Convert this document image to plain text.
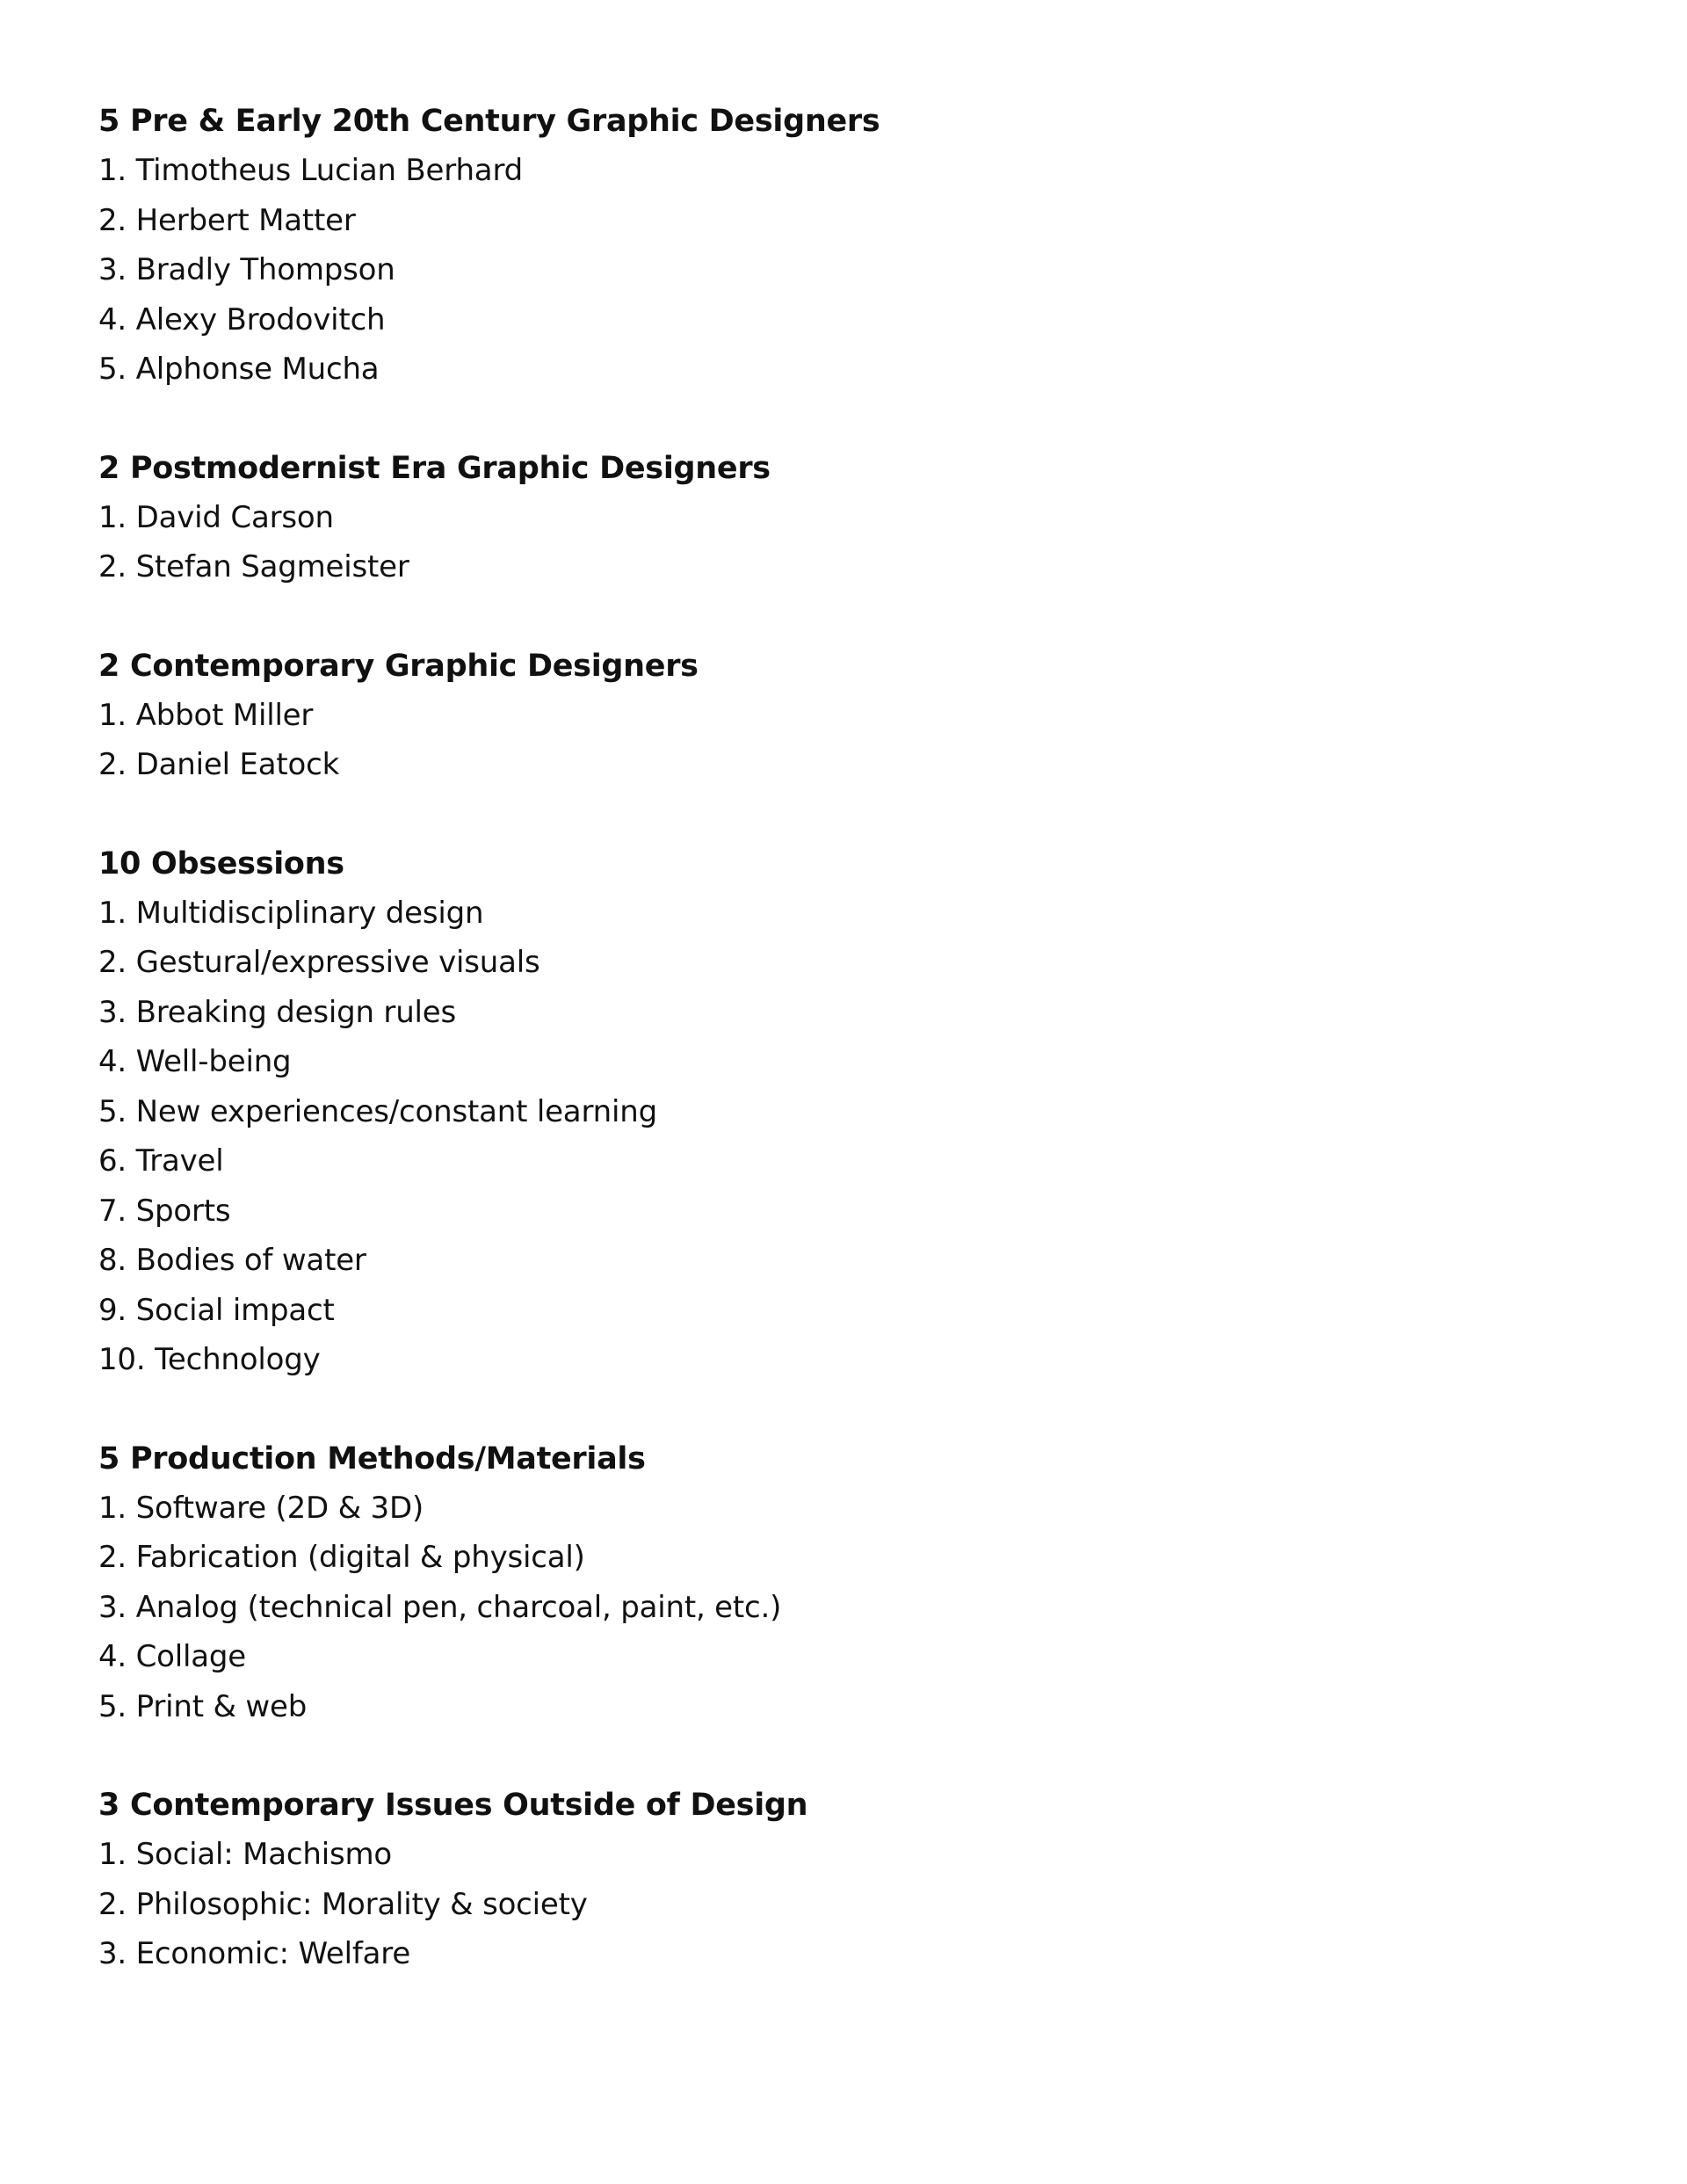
5 Pre & Early 20th Century Graphic Designers
1. Timotheus Lucian Berhard
2. Herbert Matter
3. Bradly Thompson
4. Alexy Brodovitch
5. Alphonse Mucha
2 Postmodernist Era Graphic Designers
1. David Carson
2. Stefan Sagmeister
2 Contemporary Graphic Designers
1. Abbot Miller
2. Daniel Eatock
10 Obsessions
1. Multidisciplinary design
2. Gestural/expressive visuals
3. Breaking design rules
4. Well-being
5. New experiences/constant learning
6. Travel
7. Sports
8. Bodies of water
9. Social impact
10. Technology
5 Production Methods/Materials
1. Software (2D & 3D)
2. Fabrication (digital & physical)
3. Analog (technical pen, charcoal, paint, etc.)
4. Collage
5. Print & web
3 Contemporary Issues Outside of Design
1. Social: Machismo
2. Philosophic: Morality & society
3. Economic: Welfare
